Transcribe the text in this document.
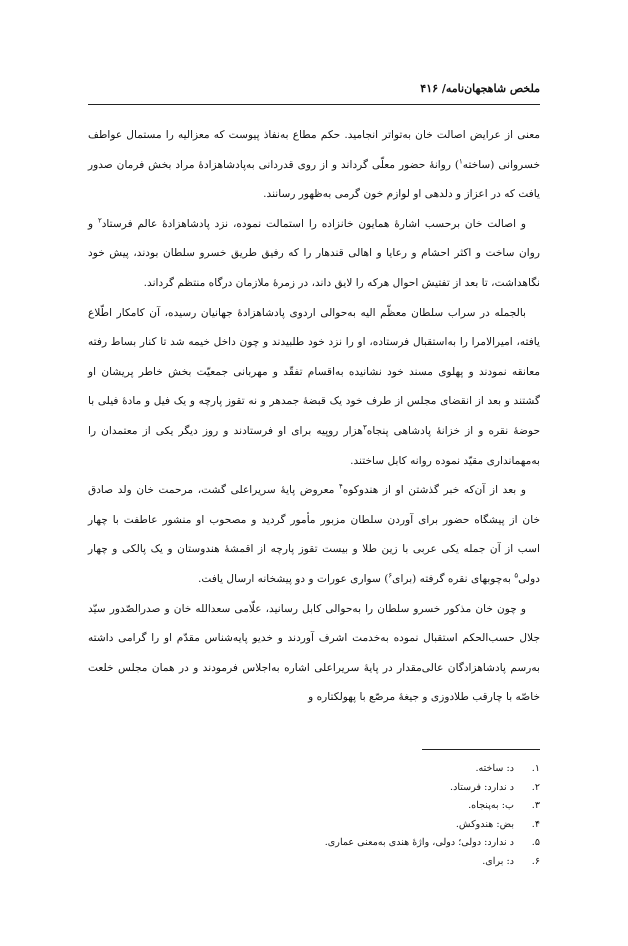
ملخص شاهجهان‌نامه/ ۴۱۶

معنی از عرایض اصالت خان به‌تواتر انجامید. حکم مطاع به‌نفاذ پیوست که معزالیه را مستمال عواطف خسروانی (ساخته$^۱$) روانهٔ حضور معلّی گرداند و از روی قدردانی به‌پادشاهزادهٔ مراد بخش فرمان صدور یافت که در اعزاز و دلدهی او لوازم خون گرمی به‌ظهور رسانند.

و اصالت خان برحسب اشارهٔ همایون خانزاده را استمالت نموده، نزد پادشاهزادهٔ عالم فرستاد$^۲$ و روان ساخت و اکثر احشام و رعایا و اهالی قندهار را که رفیق طریق خسرو سلطان بودند، پیش خود نگاهداشت، تا بعد از تفتیش احوال هرکه را لایق داند، در زمرهٔ ملازمان درگاه منتظم گرداند.

بالجمله در سراب سلطان معظّم الیه به‌حوالی اردوی پادشاهزادهٔ جهانیان رسیده، آن کامکار اطّلاع یافته، امیرالامرا را به‌استقبال فرستاده، او را نزد خود طلبیدند و چون داخل خیمه شد تا کنار بساط رفته معانقه نمودند و پهلوی مسند خود نشانیده به‌اقسام تفقّد و مهربانی جمعیّت بخش خاطر پریشان او گشتند و بعد از انقضای مجلس از طرف خود یک قبضهٔ جمدهر و نه تقوز پارچه و یک فیل و مادهٔ فیلی با حوضهٔ نقره و از خزانهٔ پادشاهی پنجاه$^۳$هزار روپیه برای او فرستادند و روز دیگر یکی از معتمدان را به‌مهمانداری مقیّد نموده روانه کابل ساختند.

و بعد از آن‌که خبر گذشتن او از هندوکوه$^۴$ معروض پایهٔ سریراعلی گشت، مرحمت خان ولد صادق خان از پیشگاه حضور برای آوردن سلطان مزبور مأمور گردید و مصحوب او منشور عاطفت با چهار اسب از آن جمله یکی عربی با زین طلا و بیست تقوز پارچه از اقمشهٔ هندوستان و یک پالکی و چهار دولی$^۵$ به‌چوبهای نقره گرفته (برای$^۶$) سواری عورات و دو پیشخانه ارسال یافت.

و چون خان مذکور خسرو سلطان را به‌حوالی کابل رسانید، علّامی سعدالله خان و صدرالصّدور سیّد جلال حسب‌الحکم استقبال نموده به‌خدمت اشرف آوردند و خدیو پایه‌شناس مقدّم او را گرامی داشته به‌رسم پادشاهزادگان عالی‌مقدار در پایهٔ سریراعلی اشاره به‌اجلاس فرمودند و در همان مجلس خلعت خاصّه با چارقب طلادوزی و جیغهٔ مرصّع با پهولکتاره و

۱.
د: ساخته.
۲.
د ندارد: فرستاد.
۳.
ب: به‌پنجاه.
۴.
بض: هندوکش.
۵.
د ندارد: دولی؛ دولی، واژهٔ هندی به‌معنی عماری.
۶.
د: برای.
